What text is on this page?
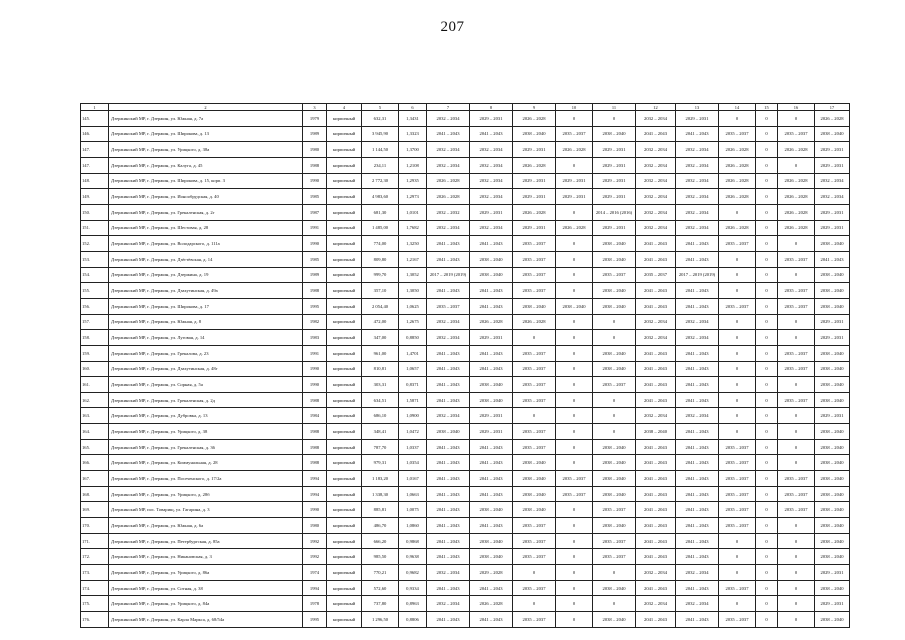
207
1	2	3	4	5	6	7	8	9	10	11	12	13	14	15	16	17
145.	Дзержинский МР, г. Дзержин, ул. Южная, д. 7а	1979	кирпичный	632,31	1,3431	2032 – 2034	2029 – 2031	2026 – 2028	0	0	2032 – 2034	2029 – 2031	0	0	0	2026 – 2028
146.	Дзержинский МР, г. Дзержин, ул. Широкова, д. 13	1989	кирпичный	3 945,90	1,3323	2041 – 2043	2041 – 2043	2038 – 2040	2035 – 2037	2038 – 2040	2041 – 2043	2041 – 2043	2035 – 2037	0	2035 – 2037	2038 – 2040
147.	Дзержинский МР, г. Дзержин, ул. Урицкого, д. 38а	1980	кирпичный	1 144,50	1,3700	2032 – 2034	2032 – 2034	2029 – 2031	2026 – 2028	2029 – 2031	2032 – 2034	2032 – 2034	2026 – 2028	0	2026 – 2028	2029 – 2031
147.	Дзержинский МР, г. Дзержин, ул. Калуга, д. 45	1988	кирпичный	234,11	1,2108	2032 – 2034	2032 – 2034	2026 – 2028	0	2029 – 2031	2032 – 2034	2032 – 2034	2026 – 2028	0	0	2029 – 2031
148.	Дзержинский МР, г. Дзержин, ул. Широкова, д. 15, корп. 3	1990	кирпичный	2 772,30	1,2935	2026 – 2028	2032 – 2034	2029 – 2031	2029 – 2031	2029 – 2031	2032 – 2034	2032 – 2034	2026 – 2028	0	2026 – 2028	2032 – 2034
149.	Дзержинский МР, г. Дзержин, ул. Ионообрудская, д. 40	1985	кирпичный	4 983,60	1,2973	2026 – 2028	2032 – 2034	2029 – 2031	2029 – 2031	2029 – 2031	2032 – 2034	2032 – 2034	2026 – 2028	0	2026 – 2028	2032 – 2034
150.	Дзержинский МР, г. Дзержин, ул. Грекаленская, д. 2г	1987	кирпичный	681,30	1,0101	2032 – 2032	2029 – 2031	2026 – 2028	0	2014 – 2016 (2016)	2032 – 2034	2032 – 2034	0	0	2026 – 2028	2029 – 2031
151.	Дзержинский МР, г. Дзержин, ул. Шестовая, д. 28	1991	кирпичный	1 485,00	1,7682	2032 – 2034	2032 – 2034	2029 – 2031	2026 – 2028	2029 – 2031	2032 – 2034	2032 – 2034	2026 – 2028	0	2026 – 2028	2029 – 2031
152.	Дзержинский МР, г. Дзержин, ул. Володарского, д. 111а	1990	кирпичный	774,00	1,3250	2041 – 2043	2041 – 2043	2035 – 2037	0	2038 – 2040	2041 – 2043	2041 – 2043	2035 – 2037	0	0	2038 – 2040
153.	Дзержинский МР, г. Дзержин, ул. Дзёгтёвская, д. 14	1985	кирпичный	809,80	1,2167	2041 – 2043	2038 – 2040	2035 – 2037	0	2038 – 2040	2041 – 2043	2041 – 2043	0	0	2035 – 2037	2041 – 2043
154.	Дзержинский МР, г. Дзержин, ул. Дзержина, д. 19	1989	кирпичный	999,70	1,3052	2017 – 2019 (2019)	2038 – 2040	2035 – 2037	0	2035 – 2037	2035 – 2037	2017 – 2019 (2019)	0	0	0	2038 – 2040
155.	Дзержинский МР, г. Дзержин, ул. Дзахутинская, д. 49а	1988	кирпичный	357,10	1,3050	2041 – 2043	2041 – 2043	2035 – 2037	0	2038 – 2040	2041 – 2043	2041 – 2043	0	0	2035 – 2037	2038 – 2040
156.	Дзержинский МР, г. Дзержин, ул. Широкова, д. 17	1995	кирпичный	2 054,40	1,0625	2035 – 2037	2041 – 2043	2038 – 2040	2038 – 2040	2038 – 2040	2041 – 2043	2041 – 2043	2035 – 2037	0	2035 – 2037	2038 – 2040
157.	Дзержинский МР, г. Дзержин, ул. Южная, д. 8	1982	кирпичный	472,00	1,2675	2032 – 2034	2026 – 2028	2026 – 2028	0	0	2032 – 2034	2032 – 2034	0	0	0	2029 – 2031
158.	Дзержинский МР, г. Дзержин, ул. Луговая, д. 14	1983	кирпичный	347,00	0,8850	2032 – 2034	2029 – 2031	0	0	0	2032 – 2034	2032 – 2034	0	0	0	2029 – 2031
159.	Дзержинский МР, г. Дзержин, ул. Грекалова, д. 23	1991	кирпичный	961,00	1,4701	2041 – 2043	2041 – 2043	2035 – 2037	0	2038 – 2040	2041 – 2043	2041 – 2043	0	0	2035 – 2037	2038 – 2040
160.	Дзержинский МР, г. Дзержин, ул. Дзахутинская, д. 48г	1990	кирпичный	810,81	1,0657	2041 – 2043	2041 – 2043	2035 – 2037	0	2038 – 2040	2041 – 2043	2041 – 2043	0	0	2035 – 2037	2038 – 2040
161.	Дзержинский МР, г. Дзержин, ул. Сорная, д. 5а	1990	кирпичный	303,31	0,8371	2041 – 2043	2038 – 2040	2035 – 2037	0	2035 – 2037	2041 – 2043	2041 – 2043	0	0	0	2038 – 2040
162.	Дзержинский МР, г. Дзержин, ул. Грекаленская, д. 2д	1988	кирпичный	634,51	1,5871	2041 – 2043	2038 – 2040	2035 – 2037	0	0	2041 – 2043	2041 – 2043	0	0	2035 – 2037	2038 – 2040
163.	Дзержинский МР, г. Дзержин, ул. Дубровка, д. 13	1984	кирпичный	686,10	1,0900	2032 – 2034	2029 – 2031	0	0	0	2032 – 2034	2032 – 2034	0	0	0	2029 – 2031
164.	Дзержинский МР, г. Дзержин, ул. Урицкого, д. 38	1988	кирпичный	348,41	1,0472	2038 – 2040	2029 – 2031	2035 – 2037	0	0	2038 – 2040	2041 – 2043	0	0	0	2038 – 2040
165.	Дзержинский МР, г. Дзержин, ул. Грекаленская, д. 36	1988	кирпичный	787,70	1,0337	2041 – 2043	2041 – 2043	2035 – 2037	0	2038 – 2040	2041 – 2043	2041 – 2043	2035 – 2037	0	0	2038 – 2040
166.	Дзержинский МР, г. Дзержин, ул. Коммунальная, д. 28	1988	кирпичный	979,31	1,0354	2041 – 2043	2041 – 2043	2038 – 2040	0	2038 – 2040	2041 – 2043	2041 – 2043	2035 – 2037	0	0	2038 – 2040
167.	Дзержинский МР, г. Дзержин, ул. Посеченского, д. 17/2а	1994	кирпичный	1 183,20	1,0167	2041 – 2043	2041 – 2043	2038 – 2040	2035 – 2037	2038 – 2040	2041 – 2043	2041 – 2043	2035 – 2037	0	2035 – 2037	2038 – 2040
168.	Дзержинский МР, г. Дзержин, ул. Урицкого, д. 28б	1994	кирпичный	1 338,30	1,0663	2041 – 2043	2041 – 2043	2038 – 2040	2035 – 2037	2038 – 2040	2041 – 2043	2041 – 2043	2035 – 2037	0	2035 – 2037	2038 – 2040
169.	Дзержинский МР, пос. Товарищ, ул. Гагарина, д. 3	1990	кирпичный	885,81	1,0075	2041 – 2043	2038 – 2040	2038 – 2040	0	2035 – 2037	2041 – 2043	2041 – 2043	2035 – 2037	0	2035 – 2037	2038 – 2040
170.	Дзержинский МР, г. Дзержин, ул. Южная, д. 6а	1980	кирпичный	486,70	1,0860	2041 – 2043	2041 – 2043	2035 – 2037	0	2038 – 2040	2041 – 2043	2041 – 2043	2035 – 2037	0	0	2038 – 2040
171.	Дзержинский МР, г. Дзержин, ул. Петербургская, д. 85а	1992	кирпичный	666,20	0,9868	2041 – 2043	2038 – 2040	2035 – 2037	0	2035 – 2037	2041 – 2043	2041 – 2043	0	0	0	2038 – 2040
172.	Дзержинский МР, г. Дзержин, ул. Никановская, д. 3	1992	кирпичный	985,50	0,9638	2041 – 2043	2038 – 2040	2035 – 2037	0	2035 – 2037	2041 – 2043	2041 – 2043	0	0	0	2038 – 2040
173.	Дзержинский МР, г. Дзержин, ул. Урицкого, д. 86а	1974	кирпичный	770,21	0,9682	2032 – 2034	2029 – 2028	0	0	0	2032 – 2034	2032 – 2034	0	0	0	2029 – 2031
174.	Дзержинский МР, г. Дзержин, ул. Сотная, д. 38	1994	кирпичный	572,60	0,9334	2041 – 2043	2041 – 2043	2035 – 2037	0	2038 – 2040	2041 – 2043	2041 – 2043	2035 – 2037	0	0	2038 – 2040
175.	Дзержинский МР, г. Дзержин, ул. Урицкого, д. 84а	1978	кирпичный	737,80	0,8963	2032 – 2034	2026 – 2028	0	0	0	2032 – 2034	2032 – 2034	0	0	0	2029 – 2031
176.	Дзержинский МР, г. Дзержин, ул. Карла Маркса, д. 68/54а	1995	кирпичный	1 296,50	0,8806	2041 – 2043	2041 – 2043	2035 – 2037	0	2038 – 2040	2041 – 2043	2041 – 2043	2035 – 2037	0	0	2038 – 2040
